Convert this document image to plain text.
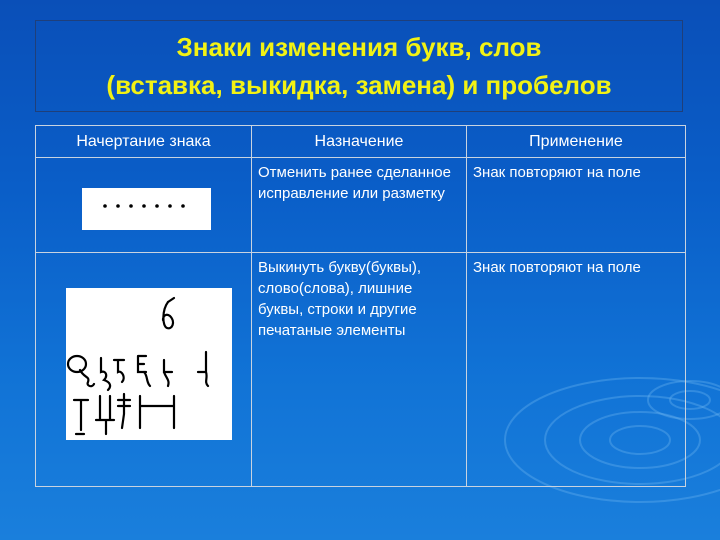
Знаки изменения букв, слов
(вставка, выкидка, замена) и пробелов
Начертание знака	Назначение	Применение

	Отменить ранее сделанное исправление или разметку	Знак повторяют на поле

	Выкинуть букву(буквы), слово(слова), лишние буквы, строки и другие печатаные элементы	Знак повторяют на поле
